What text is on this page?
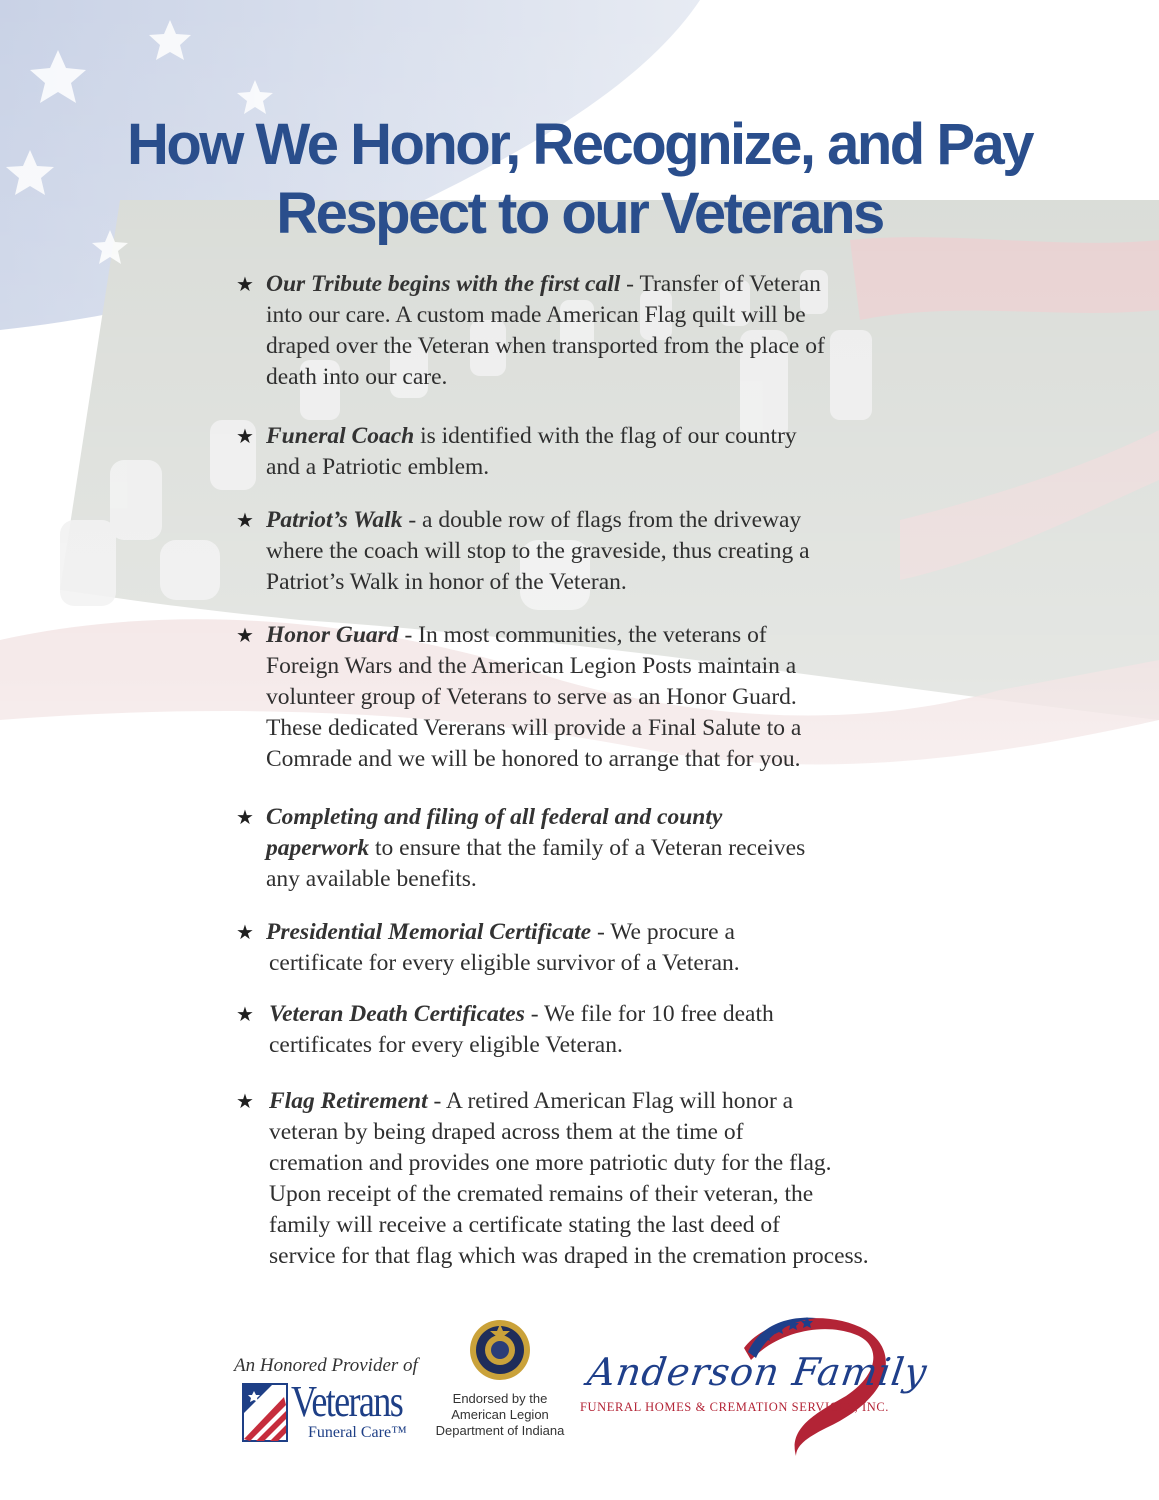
How We Honor, Recognize, and Pay
Respect to our Veterans
★ Our Tribute begins with the first call - Transfer of Veteran
into our care. A custom made American Flag quilt will be
draped over the Veteran when transported from the place of
death into our care.
★ Funeral Coach is identified with the flag of our country
and a Patriotic emblem.
★ Patriot’s Walk - a double row of flags from the driveway
where the coach will stop to the graveside, thus creating a
Patriot’s Walk in honor of the Veteran.
★ Honor Guard - In most communities, the veterans of
Foreign Wars and the American Legion Posts maintain a
volunteer group of Veterans to serve as an Honor Guard.
These dedicated Vererans will provide a Final Salute to a
Comrade and we will be honored to arrange that for you.
★ Completing and filing of all federal and county
paperwork to ensure that the family of a Veteran receives
any available benefits.
★ Presidential Memorial Certificate - We procure a
certificate for every eligible survivor of a Veteran.
★ Veteran Death Certificates - We file for 10 free death
certificates for every eligible Veteran.
★ Flag Retirement - A retired American Flag will honor a
veteran by being draped across them at the time of
cremation and provides one more patriotic duty for the flag.
Upon receipt of the cremated remains of their veteran, the
family will receive a certificate stating the last deed of
service for that flag which was draped in the cremation process.
An Honored Provider of
Veterans
Funeral Care™
Endorsed by the
American Legion
Department of Indiana
Anderson Family
FUNERAL HOMES & CREMATION SERVICES, INC.
